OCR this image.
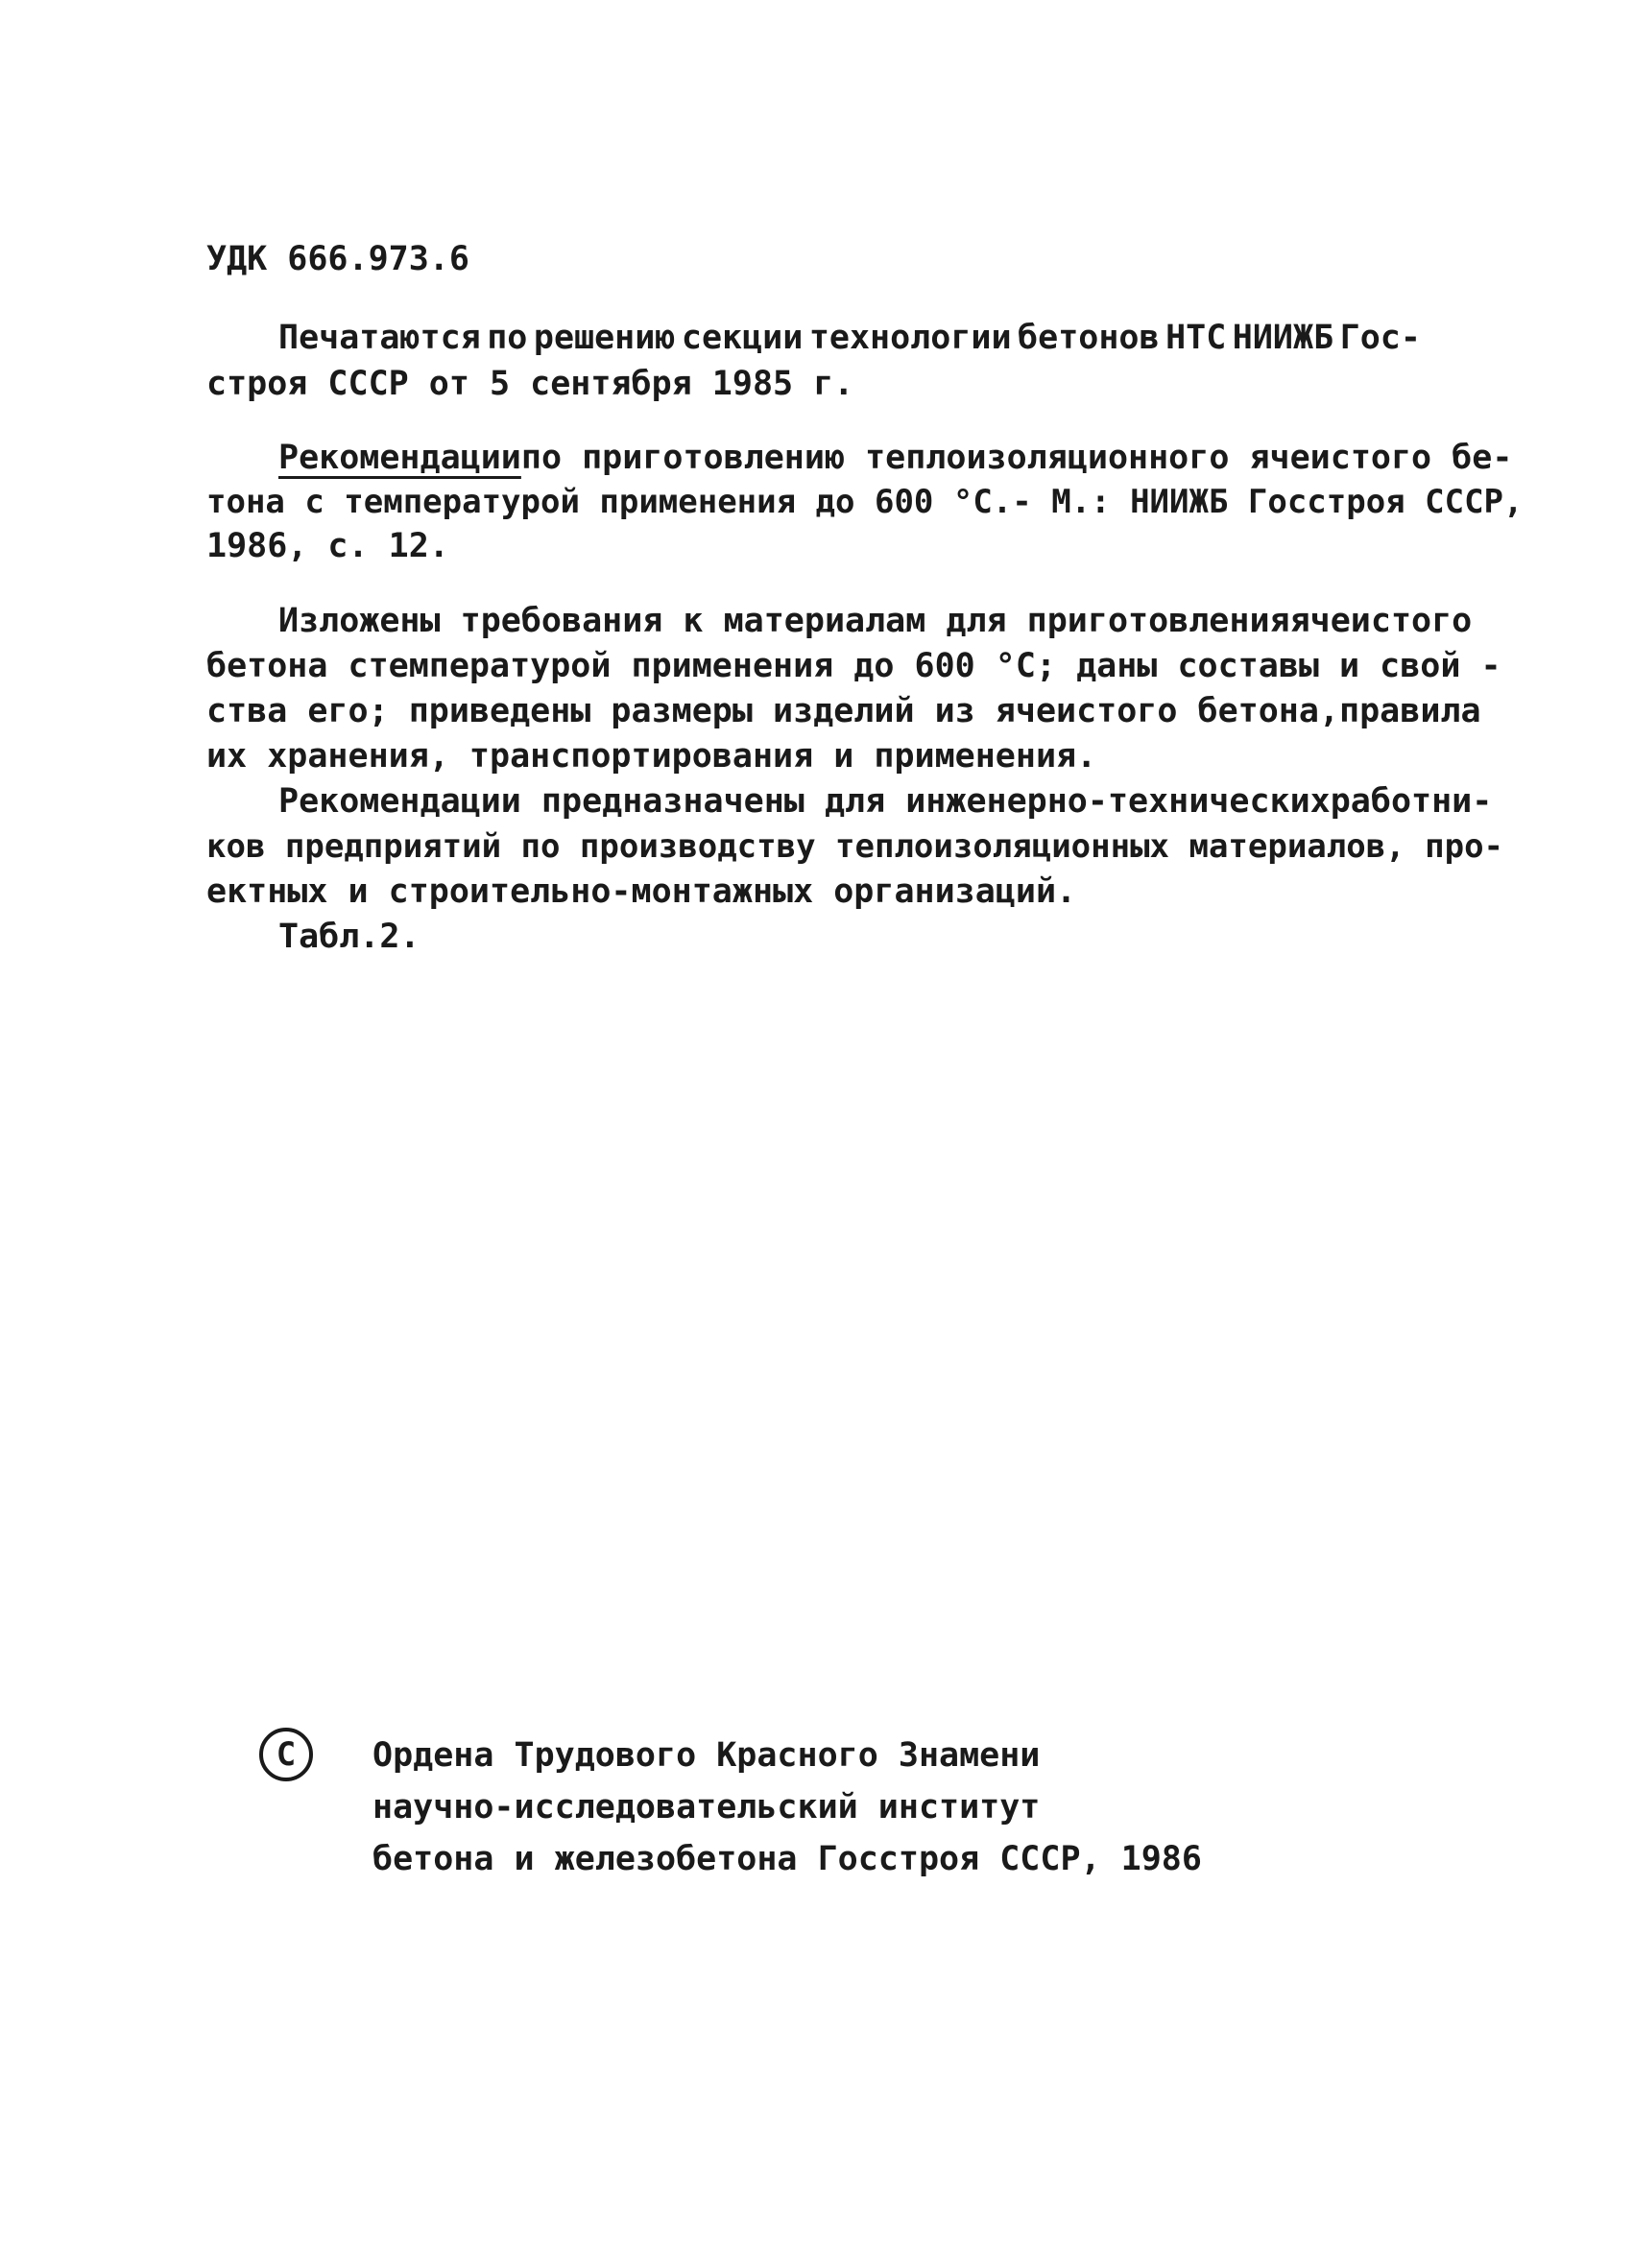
УДК 666.973.6
Печатаются по решению секции технологии бетонов НТС НИИЖБ Гос-
строя СССР от 5 сентября 1985 г.
Рекомендации по приготовлению теплоизоляционного ячеистого бе-
тона с температурой применения до 600 °С.- М.: НИИЖБ Госстроя СССР,
1986, с. 12.
Изложены требования к материалам для приготовления ячеистого
бетона с температурой применения до 600 °С; даны составы и свой -
ства его; приведены размеры изделий из ячеистого бетона, правила
их хранения, транспортирования и применения.
Рекомендации предназначены для инженерно-технических работни-
ков предприятий по производству теплоизоляционных материалов, про-
ектных и строительно-монтажных организаций.
Табл.2.
С Ордена Трудового Красного Знамени
научно-исследовательский институт
бетона и железобетона Госстроя СССР, 1986
